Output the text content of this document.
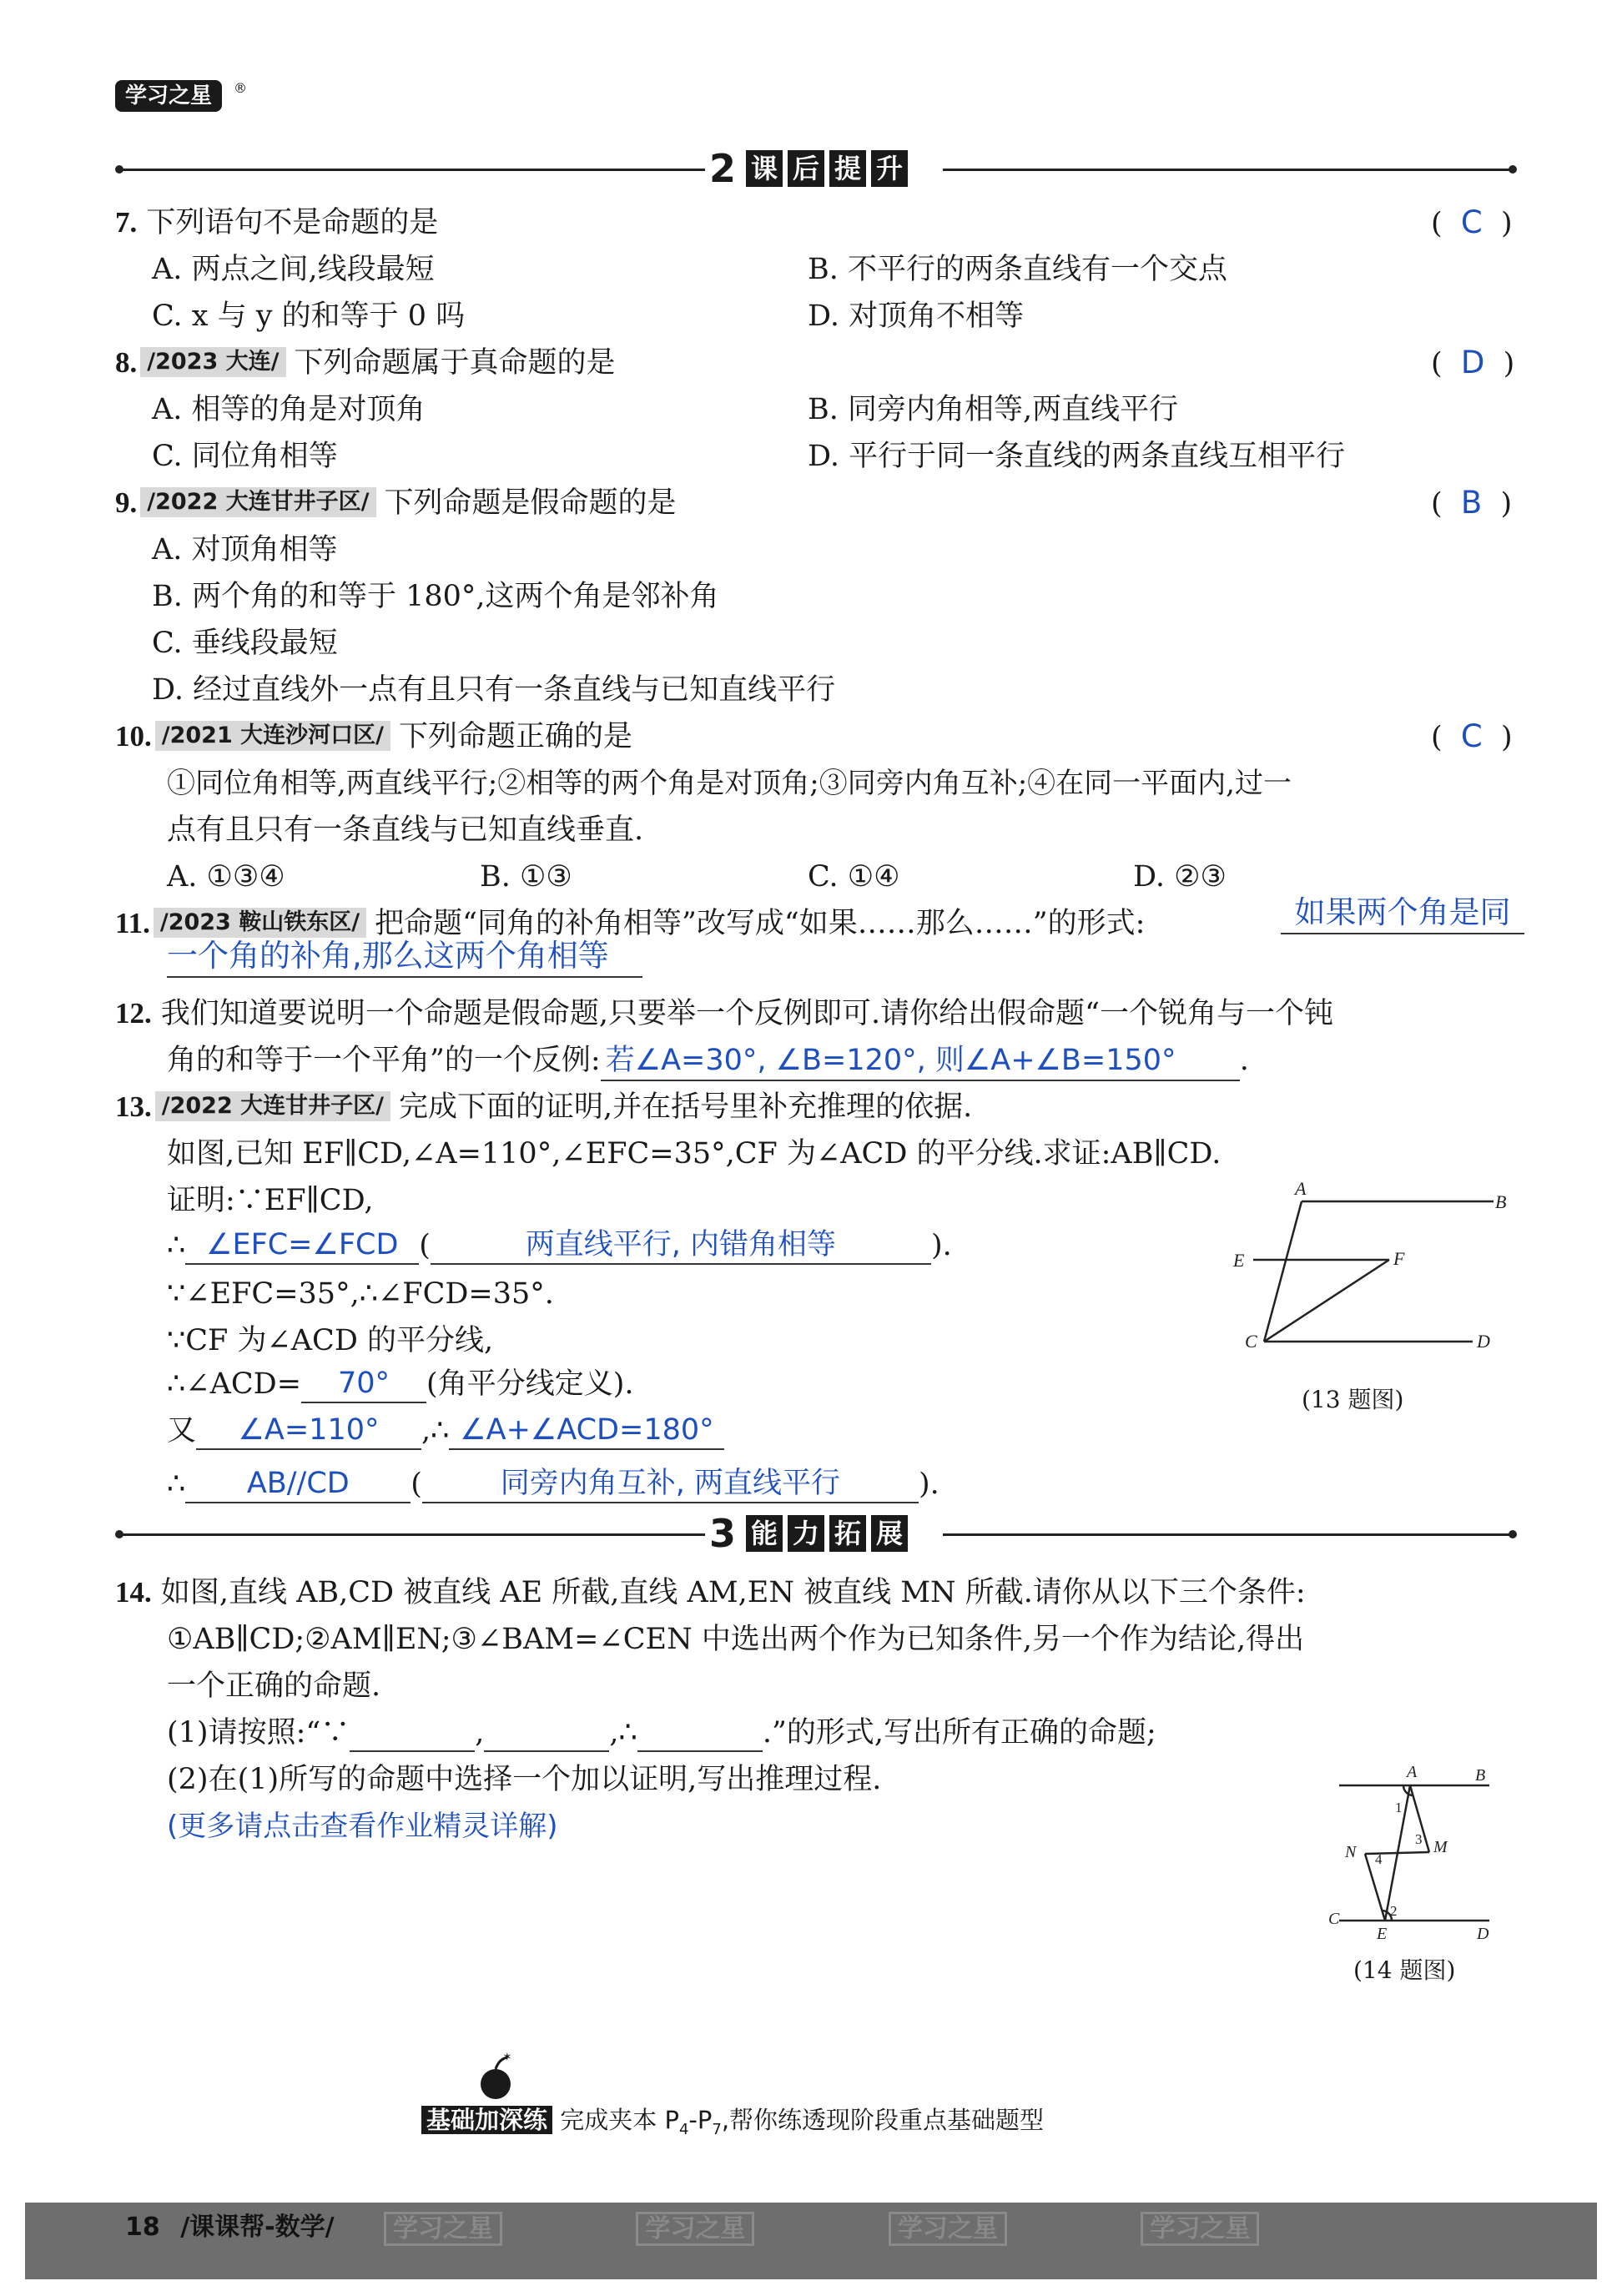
学习之星	®
2 课 后 提 升
7. 下列语句不是命题的是	(  C  )
A. 两点之间,线段最短	B. 不平行的两条直线有一个交点
C. x 与 y 的和等于 0 吗	D. 对顶角不相等
8. /2023 大连/ 下列命题属于真命题的是	(  D  )
A. 相等的角是对顶角	B. 同旁内角相等,两直线平行
C. 同位角相等	D. 平行于同一条直线的两条直线互相平行
9. /2022 大连甘井子区/ 下列命题是假命题的是	(  B  )
A. 对顶角相等
B. 两个角的和等于 180°,这两个角是邻补角
C. 垂线段最短
D. 经过直线外一点有且只有一条直线与已知直线平行
10. /2021 大连沙河口区/ 下列命题正确的是	(  C  )
①同位角相等,两直线平行;②相等的两个角是对顶角;③同旁内角互补;④在同一平面内,过一
点有且只有一条直线与已知直线垂直.
A. ①③④	B. ①③	C. ①④	D. ②③
11. /2023 鞍山铁东区/ 把命题“同角的补角相等”改写成“如果……那么……”的形式:	如果两个角是同
一个角的补角,那么这两个角相等
12. 我们知道要说明一个命题是假命题,只要举一个反例即可.请你给出假命题“一个锐角与一个钝
角的和等于一个平角”的一个反例: 若∠A=30°, ∠B=120°, 则∠A+∠B=150° .
13. /2022 大连甘井子区/ 完成下面的证明,并在括号里补充推理的依据.
如图,已知 EF∥CD,∠A=110°,∠EFC=35°,CF 为∠ACD 的平分线.求证:AB∥CD.
证明:∵EF∥CD,
∴ ∠EFC=∠FCD (	两直线平行, 内错角相等	).
∵∠EFC=35°,∴∠FCD=35°.
∵CF 为∠ACD 的平分线,
∴∠ACD= 70° (角平分线定义).
又 ∠A=110° ,∴ ∠A+∠ACD=180°
∴ AB//CD (	同旁内角互补, 两直线平行	).
A
B
E	F
C	D
(13 题图)
3 能 力 拓 展
14. 如图,直线 AB,CD 被直线 AE 所截,直线 AM,EN 被直线 MN 所截.请你从以下三个条件:
①AB∥CD;②AM∥EN;③∠BAM=∠CEN 中选出两个作为已知条件,另一个作为结论,得出
一个正确的命题.
(1)请按照:“∵	,	,∴	.”的形式,写出所有正确的命题;
(2)在(1)所写的命题中选择一个加以证明,写出推理过程.
(更多请点击查看作业精灵详解)
A	B
C
E	D
M
N
1
2
3
4
(14 题图)
✶
基础加深练 完成夹本 $P_4-P_7$,帮你练透现阶段重点基础题型
18 /课课帮-数学/	学习之星	学习之星	学习之星	学习之星
